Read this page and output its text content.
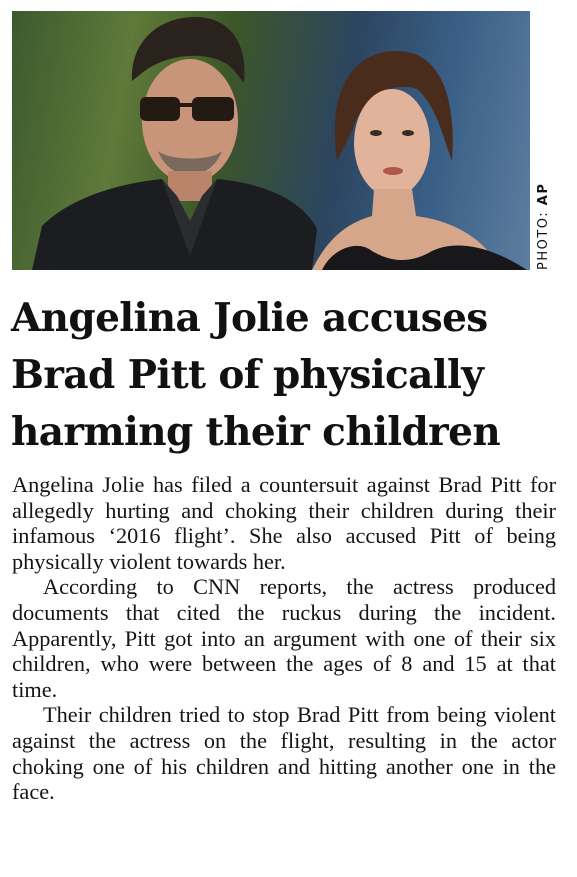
PHOTO: AP
Angelina Jolie accuses
Brad Pitt of physically
harming their children

Angelina Jolie has filed a countersuit against Brad Pitt for allegedly hurting and choking their children during their infamous ‘2016 flight’. She also accused Pitt of being physically violent towards her.

According to CNN reports, the actress produced documents that cited the ruckus during the incident. Apparently, Pitt got into an argument with one of their six children, who were between the ages of 8 and 15 at that time.

Their children tried to stop Brad Pitt from being violent against the actress on the flight, resulting in the actor choking one of his children and hitting another one in the face.
